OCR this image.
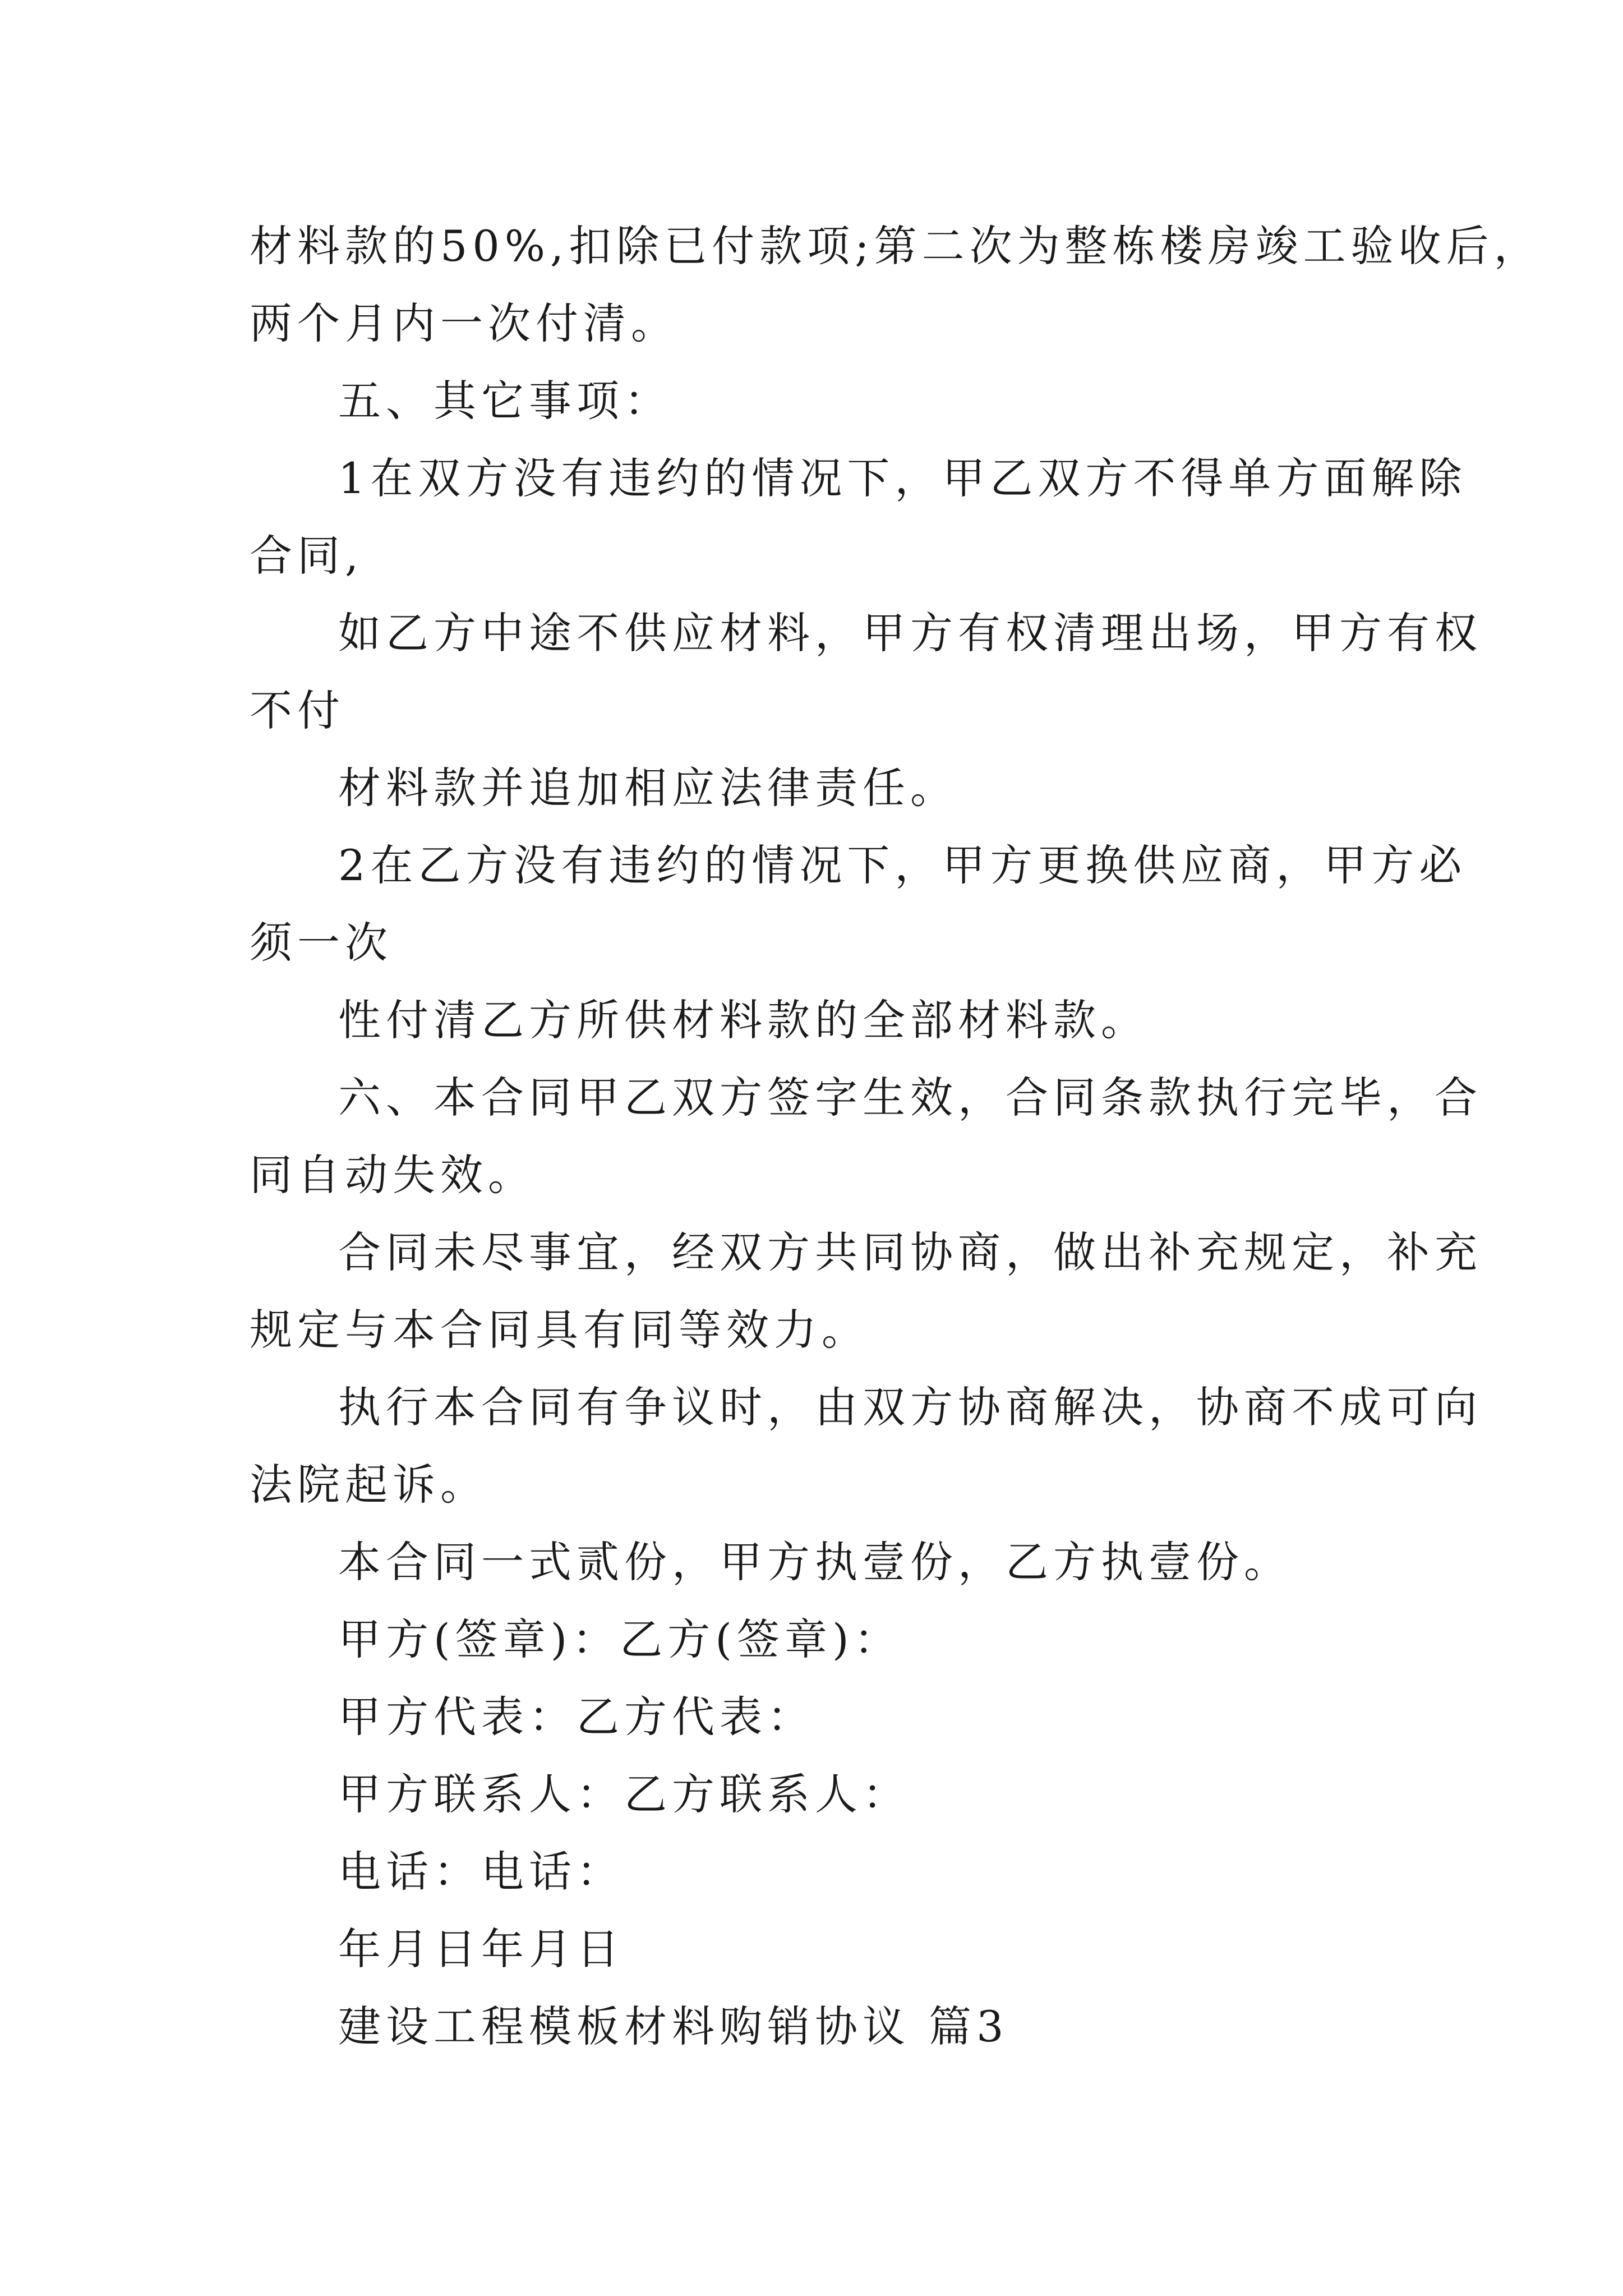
材料款的50%,扣除已付款项;第二次为整栋楼房竣工验收后，
两个月内一次付清。
五、其它事项：
1在双方没有违约的情况下，甲乙双方不得单方面解除
合同,
如乙方中途不供应材料，甲方有权清理出场，甲方有权
不付
材料款并追加相应法律责任。
2在乙方没有违约的情况下，甲方更换供应商，甲方必
须一次
性付清乙方所供材料款的全部材料款。
六、本合同甲乙双方签字生效，合同条款执行完毕，合
同自动失效。
合同未尽事宜，经双方共同协商，做出补充规定，补充
规定与本合同具有同等效力。
执行本合同有争议时，由双方协商解决，协商不成可向
法院起诉。
本合同一式贰份，甲方执壹份，乙方执壹份。
甲方(签章)：乙方(签章)：
甲方代表：乙方代表：
甲方联系人：乙方联系人：
电话：电话：
年月日年月日
建设工程模板材料购销协议 篇3
